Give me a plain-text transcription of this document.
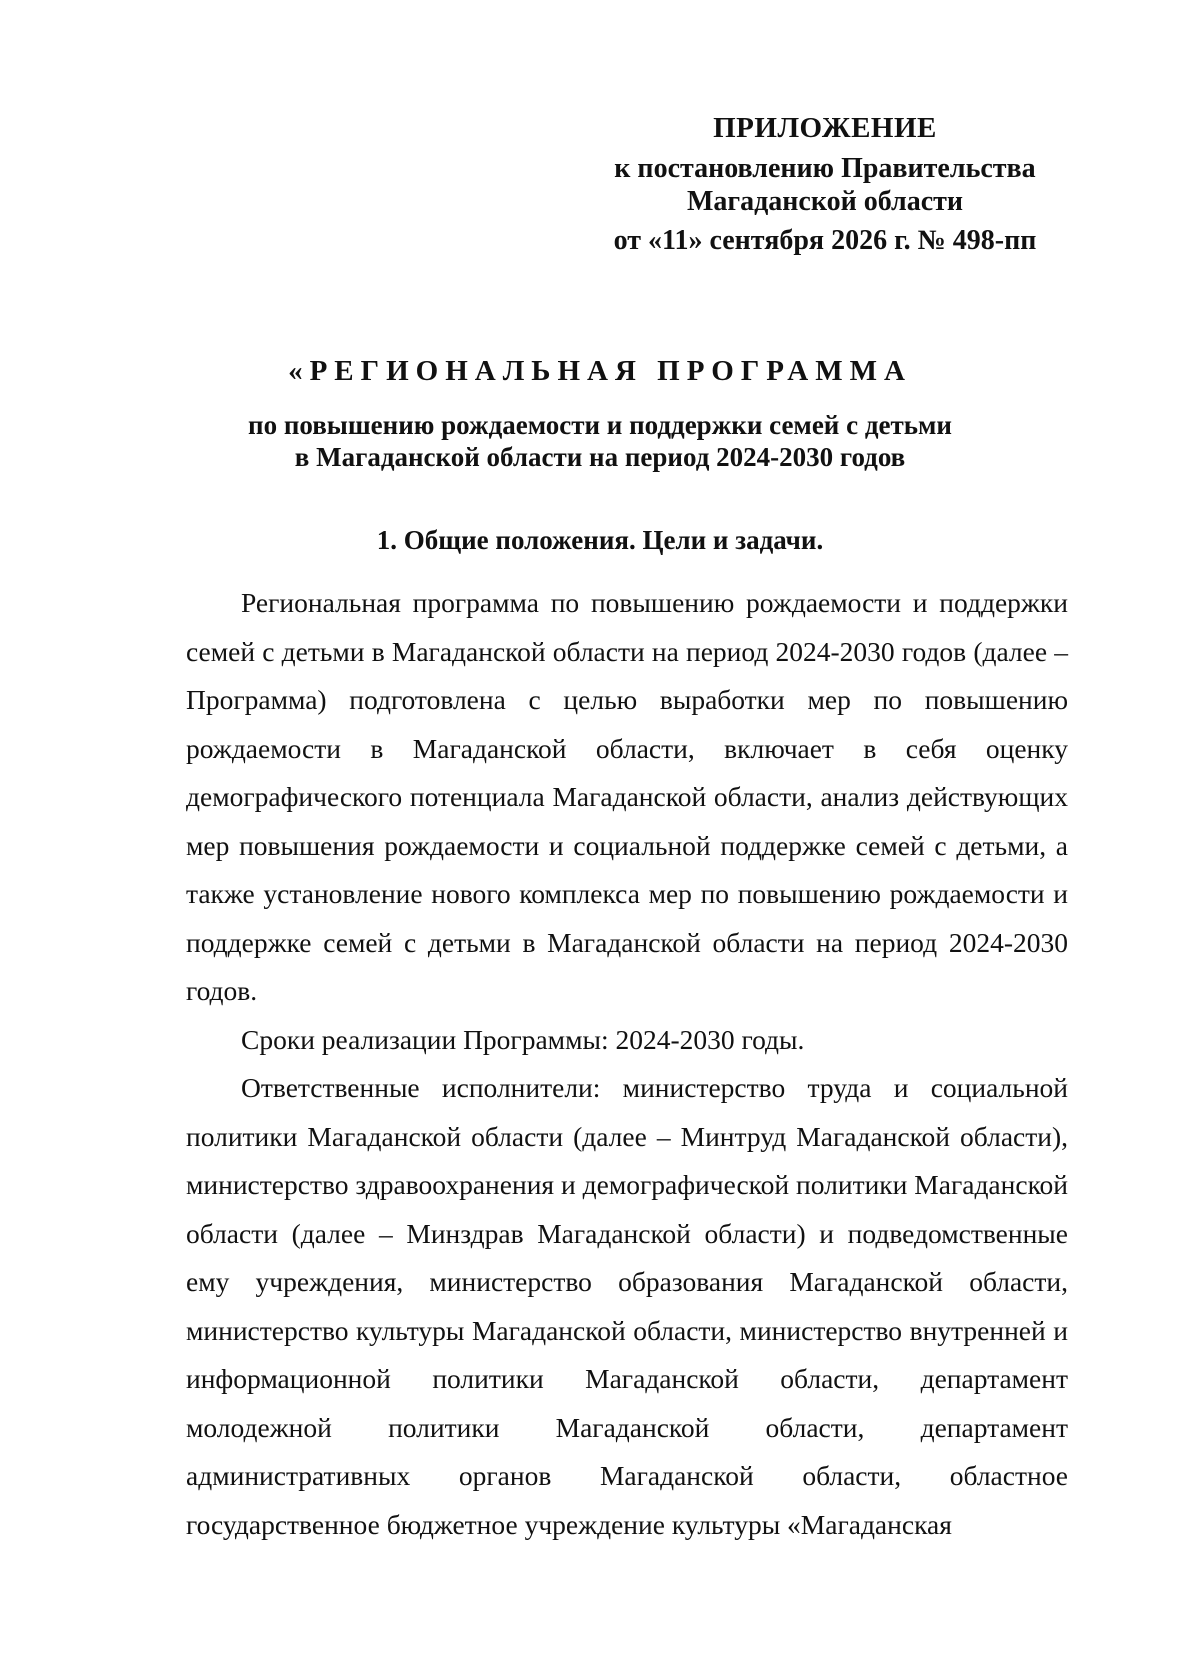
ПРИЛОЖЕНИЕ
к постановлению Правительства
Магаданской области
от «11» сентября 2026 г. № 498-пп
«РЕГИОНАЛЬНАЯ ПРОГРАММА
по повышению рождаемости и поддержки семей с детьми
в Магаданской области на период 2024-2030 годов
1. Общие положения. Цели и задачи.

Региональная программа по повышению рождаемости и поддержки семей с детьми в Магаданской области на период 2024-2030 годов (далее – Программа) подготовлена с целью выработки мер по повышению рождаемости в Магаданской области, включает в себя оценку демографического потенциала Магаданской области, анализ действующих мер повышения рождаемости и социальной поддержке семей с детьми, а также установление нового комплекса мер по повышению рождаемости и поддержке семей с детьми в Магаданской области на период 2024-2030 годов.

Сроки реализации Программы: 2024-2030 годы.

Ответственные исполнители: министерство труда и социальной политики Магаданской области (далее – Минтруд Магаданской области), министерство здравоохранения и демографической политики Магаданской области (далее – Минздрав Магаданской области) и подведомственные ему учреждения, министерство образования Магаданской области, министерство культуры Магаданской области, министерство внутренней и информационной политики Магаданской области, департамент молодежной политики Магаданской области, департамент административных органов Магаданской области, областное государственное бюджетное учреждение культуры «Магаданская
